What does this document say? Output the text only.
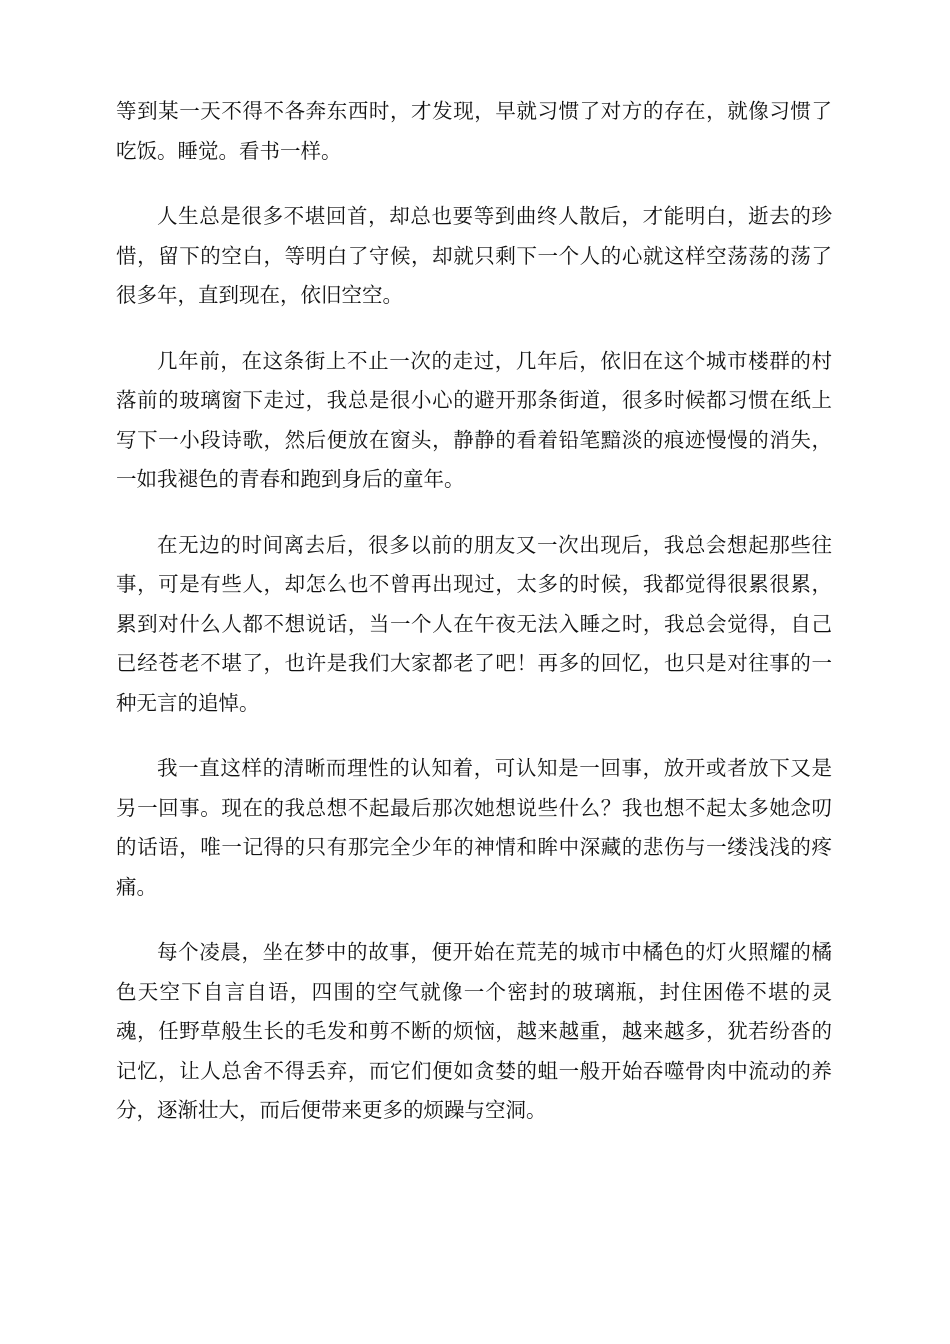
等到某一天不得不各奔东西时，才发现，早就习惯了对方的存在，就像习惯了吃饭。睡觉。看书一样。

人生总是很多不堪回首，却总也要等到曲终人散后，才能明白，逝去的珍惜，留下的空白，等明白了守候，却就只剩下一个人的心就这样空荡荡的荡了很多年，直到现在，依旧空空。

几年前，在这条街上不止一次的走过，几年后，依旧在这个城市楼群的村落前的玻璃窗下走过，我总是很小心的避开那条街道，很多时候都习惯在纸上写下一小段诗歌，然后便放在窗头，静静的看着铅笔黯淡的痕迹慢慢的消失，一如我褪色的青春和跑到身后的童年。

在无边的时间离去后，很多以前的朋友又一次出现后，我总会想起那些往事，可是有些人，却怎么也不曾再出现过，太多的时候，我都觉得很累很累，累到对什么人都不想说话，当一个人在午夜无法入睡之时，我总会觉得，自己已经苍老不堪了，也许是我们大家都老了吧！再多的回忆，也只是对往事的一种无言的追悼。

我一直这样的清晰而理性的认知着，可认知是一回事，放开或者放下又是另一回事。现在的我总想不起最后那次她想说些什么？我也想不起太多她念叨的话语，唯一记得的只有那完全少年的神情和眸中深藏的悲伤与一缕浅浅的疼痛。

每个凌晨，坐在梦中的故事，便开始在荒芜的城市中橘色的灯火照耀的橘色天空下自言自语，四围的空气就像一个密封的玻璃瓶，封住困倦不堪的灵魂，任野草般生长的毛发和剪不断的烦恼，越来越重，越来越多，犹若纷沓的记忆，让人总舍不得丢弃，而它们便如贪婪的蛆一般开始吞噬骨肉中流动的养分，逐渐壮大，而后便带来更多的烦躁与空洞。
